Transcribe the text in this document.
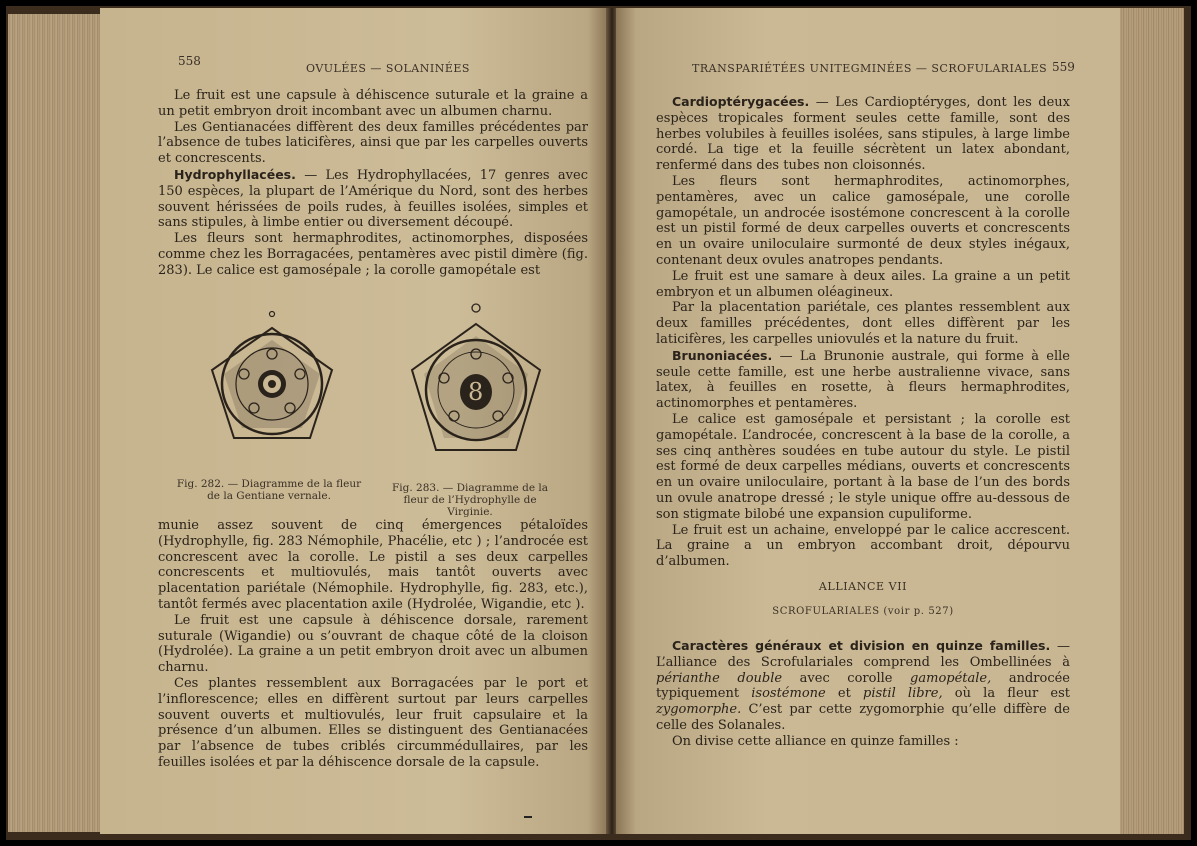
558
OVULÉES — SOLANINÉES

Le fruit est une capsule à déhiscence suturale et la graine a un petit embryon droit incombant avec un albumen charnu.

Les Gentianacées diffèrent des deux familles précédentes par l’absence de tubes laticifères, ainsi que par les carpelles ouverts et concrescents.

Hydrophyllacées. — Les Hydrophyllacées, 17 genres avec 150 espèces, la plupart de l’Amérique du Nord, sont des herbes souvent hérissées de poils rudes, à feuilles isolées, simples et sans stipules, à limbe entier ou diversement découpé.

Les fleurs sont hermaphrodites, actinomorphes, disposées comme chez les Borragacées, pentamères avec pistil dimère (fig. 283). Le calice est gamosépale ; la corolle gamopétale est

8
Fig. 282. — Diagramme de la fleur de la Gentiane vernale.
Fig. 283. — Diagramme de la fleur de l’Hydrophylle de Virginie.

munie assez souvent de cinq émergences pétaloïdes (Hydrophylle, fig. 283 Némophile, Phacélie, etc ) ; l’androcée est concrescent avec la corolle. Le pistil a ses deux carpelles concrescents et multiovulés, mais tantôt ouverts avec placentation pariétale (Némophile. Hydrophylle, fig. 283, etc.), tantôt fermés avec placentation axile (Hydrolée, Wigandie, etc ).

Le fruit est une capsule à déhiscence dorsale, rarement suturale (Wigandie) ou s’ouvrant de chaque côté de la cloison (Hydrolée). La graine a un petit embryon droit avec un albumen charnu.

Ces plantes ressemblent aux Borragacées par le port et l’inflorescence; elles en diffèrent surtout par leurs carpelles souvent ouverts et multiovulés, leur fruit capsulaire et la présence d’un albumen. Elles se distinguent des Gentianacées par l’absence de tubes criblés circummédullaires, par les feuilles isolées et par la déhiscence dorsale de la capsule.

TRANSPARIÉTÉES UNITEGMINÉES — SCROFULARIALES 559

Cardioptérygacées. — Les Cardioptéryges, dont les deux espèces tropicales forment seules cette famille, sont des herbes volubiles à feuilles isolées, sans stipules, à large limbe cordé. La tige et la feuille sécrètent un latex abondant, renfermé dans des tubes non cloisonnés.

Les fleurs sont hermaphrodites, actinomorphes, pentamères, avec un calice gamosépale, une corolle gamopétale, un androcée isostémone concrescent à la corolle est un pistil formé de deux carpelles ouverts et concrescents en un ovaire uniloculaire surmonté de deux styles inégaux, contenant deux ovules anatropes pendants.

Le fruit est une samare à deux ailes. La graine a un petit embryon et un albumen oléagineux.

Par la placentation pariétale, ces plantes ressemblent aux deux familles précédentes, dont elles diffèrent par les laticifères, les carpelles uniovulés et la nature du fruit.

Brunoniacées. — La Brunonie australe, qui forme à elle seule cette famille, est une herbe australienne vivace, sans latex, à feuilles en rosette, à fleurs hermaphrodites, actinomorphes et pentamères.

Le calice est gamosépale et persistant ; la corolle est gamopétale. L’androcée, concrescent à la base de la corolle, a ses cinq anthères soudées en tube autour du style. Le pistil est formé de deux carpelles médians, ouverts et concrescents en un ovaire uniloculaire, portant à la base de l’un des bords un ovule anatrope dressé ; le style unique offre au-dessous de son stigmate bilobé une expansion cupuliforme.

Le fruit est un achaine, enveloppé par le calice accrescent. La graine a un embryon accombant droit, dépourvu d’albumen.

ALLIANCE VII
SCROFULARIALES (voir p. 527)

Caractères généraux et division en quinze familles. — L’alliance des Scrofulariales comprend les Ombellinées à périanthe double avec corolle gamopétale, androcée typiquement isostémone et pistil libre, où la fleur est zygomorphe. C’est par cette zygomorphie qu’elle diffère de celle des Solanales.

On divise cette alliance en quinze familles :
